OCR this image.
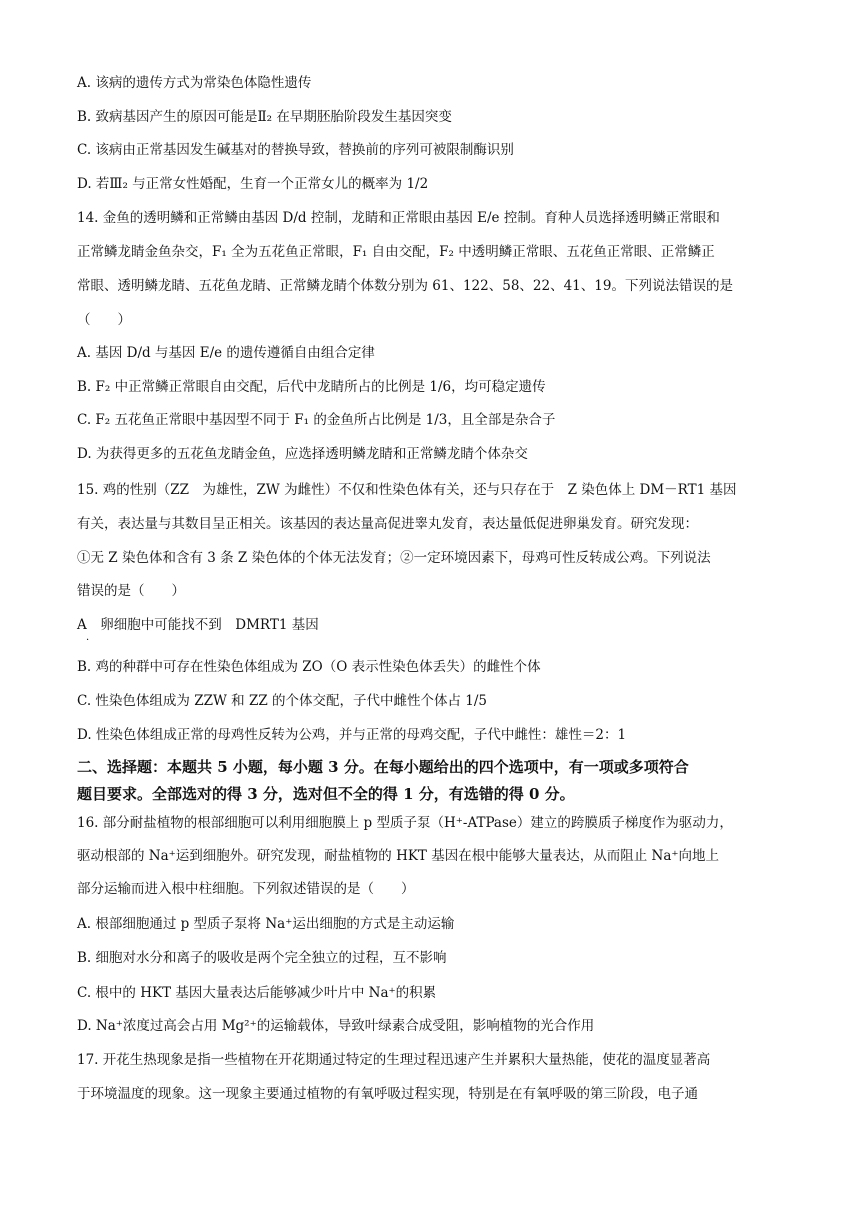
A. 该病的遗传方式为常染色体隐性遗传
B. 致病基因产生的原因可能是Ⅱ₂ 在早期胚胎阶段发生基因突变
C. 该病由正常基因发生碱基对的替换导致，替换前的序列可被限制酶识别
D. 若Ⅲ₂ 与正常女性婚配，生育一个正常女儿的概率为 1/2
14. 金鱼的透明鳞和正常鳞由基因 D/d 控制，龙睛和正常眼由基因 E/e 控制。育种人员选择透明鳞正常眼和
正常鳞龙睛金鱼杂交，F₁ 全为五花鱼正常眼，F₁ 自由交配，F₂ 中透明鳞正常眼、五花鱼正常眼、正常鳞正
常眼、透明鳞龙睛、五花鱼龙睛、正常鳞龙睛个体数分别为 61、122、58、22、41、19。下列说法错误的是
（　　）
A. 基因 D/d 与基因 E/e 的遗传遵循自由组合定律
B. F₂ 中正常鳞正常眼自由交配，后代中龙睛所占的比例是 1/6，均可稳定遗传
C. F₂ 五花鱼正常眼中基因型不同于 F₁ 的金鱼所占比例是 1/3，且全部是杂合子
D. 为获得更多的五花鱼龙睛金鱼，应选择透明鳞龙睛和正常鳞龙睛个体杂交
15. 鸡的性别（ZZ　为雄性，ZW 为雌性）不仅和性染色体有关，还与只存在于　Z 染色体上 DM－RT1 基因
有关，表达量与其数目呈正相关。该基因的表达量高促进睾丸发育，表达量低促进卵巢发育。研究发现：
①无 Z 染色体和含有 3 条 Z 染色体的个体无法发育；②一定环境因素下，母鸡可性反转成公鸡。下列说法
错误的是（　　）
A　卵细胞中可能找不到　DMRT1 基因
·
B. 鸡的种群中可存在性染色体组成为 ZO（O 表示性染色体丢失）的雌性个体
C. 性染色体组成为 ZZW 和 ZZ 的个体交配，子代中雌性个体占 1/5
D. 性染色体组成正常的母鸡性反转为公鸡，并与正常的母鸡交配，子代中雌性：雄性＝2：1
二、选择题：本题共 5 小题，每小题 3 分。在每小题给出的四个选项中，有一项或多项符合
题目要求。全部选对的得 3 分，选对但不全的得 1 分，有选错的得 0 分。
16. 部分耐盐植物的根部细胞可以利用细胞膜上 p 型质子泵（H⁺-ATPase）建立的跨膜质子梯度作为驱动力，
驱动根部的 Na⁺运到细胞外。研究发现，耐盐植物的 HKT 基因在根中能够大量表达，从而阻止 Na⁺向地上
部分运输而进入根中柱细胞。下列叙述错误的是（　　）
A. 根部细胞通过 p 型质子泵将 Na⁺运出细胞的方式是主动运输
B. 细胞对水分和离子的吸收是两个完全独立的过程，互不影响
C. 根中的 HKT 基因大量表达后能够减少叶片中 Na⁺的积累
D. Na⁺浓度过高会占用 Mg²⁺的运输载体，导致叶绿素合成受阻，影响植物的光合作用
17. 开花生热现象是指一些植物在开花期通过特定的生理过程迅速产生并累积大量热能，使花的温度显著高
于环境温度的现象。这一现象主要通过植物的有氧呼吸过程实现，特别是在有氧呼吸的第三阶段，电子通
